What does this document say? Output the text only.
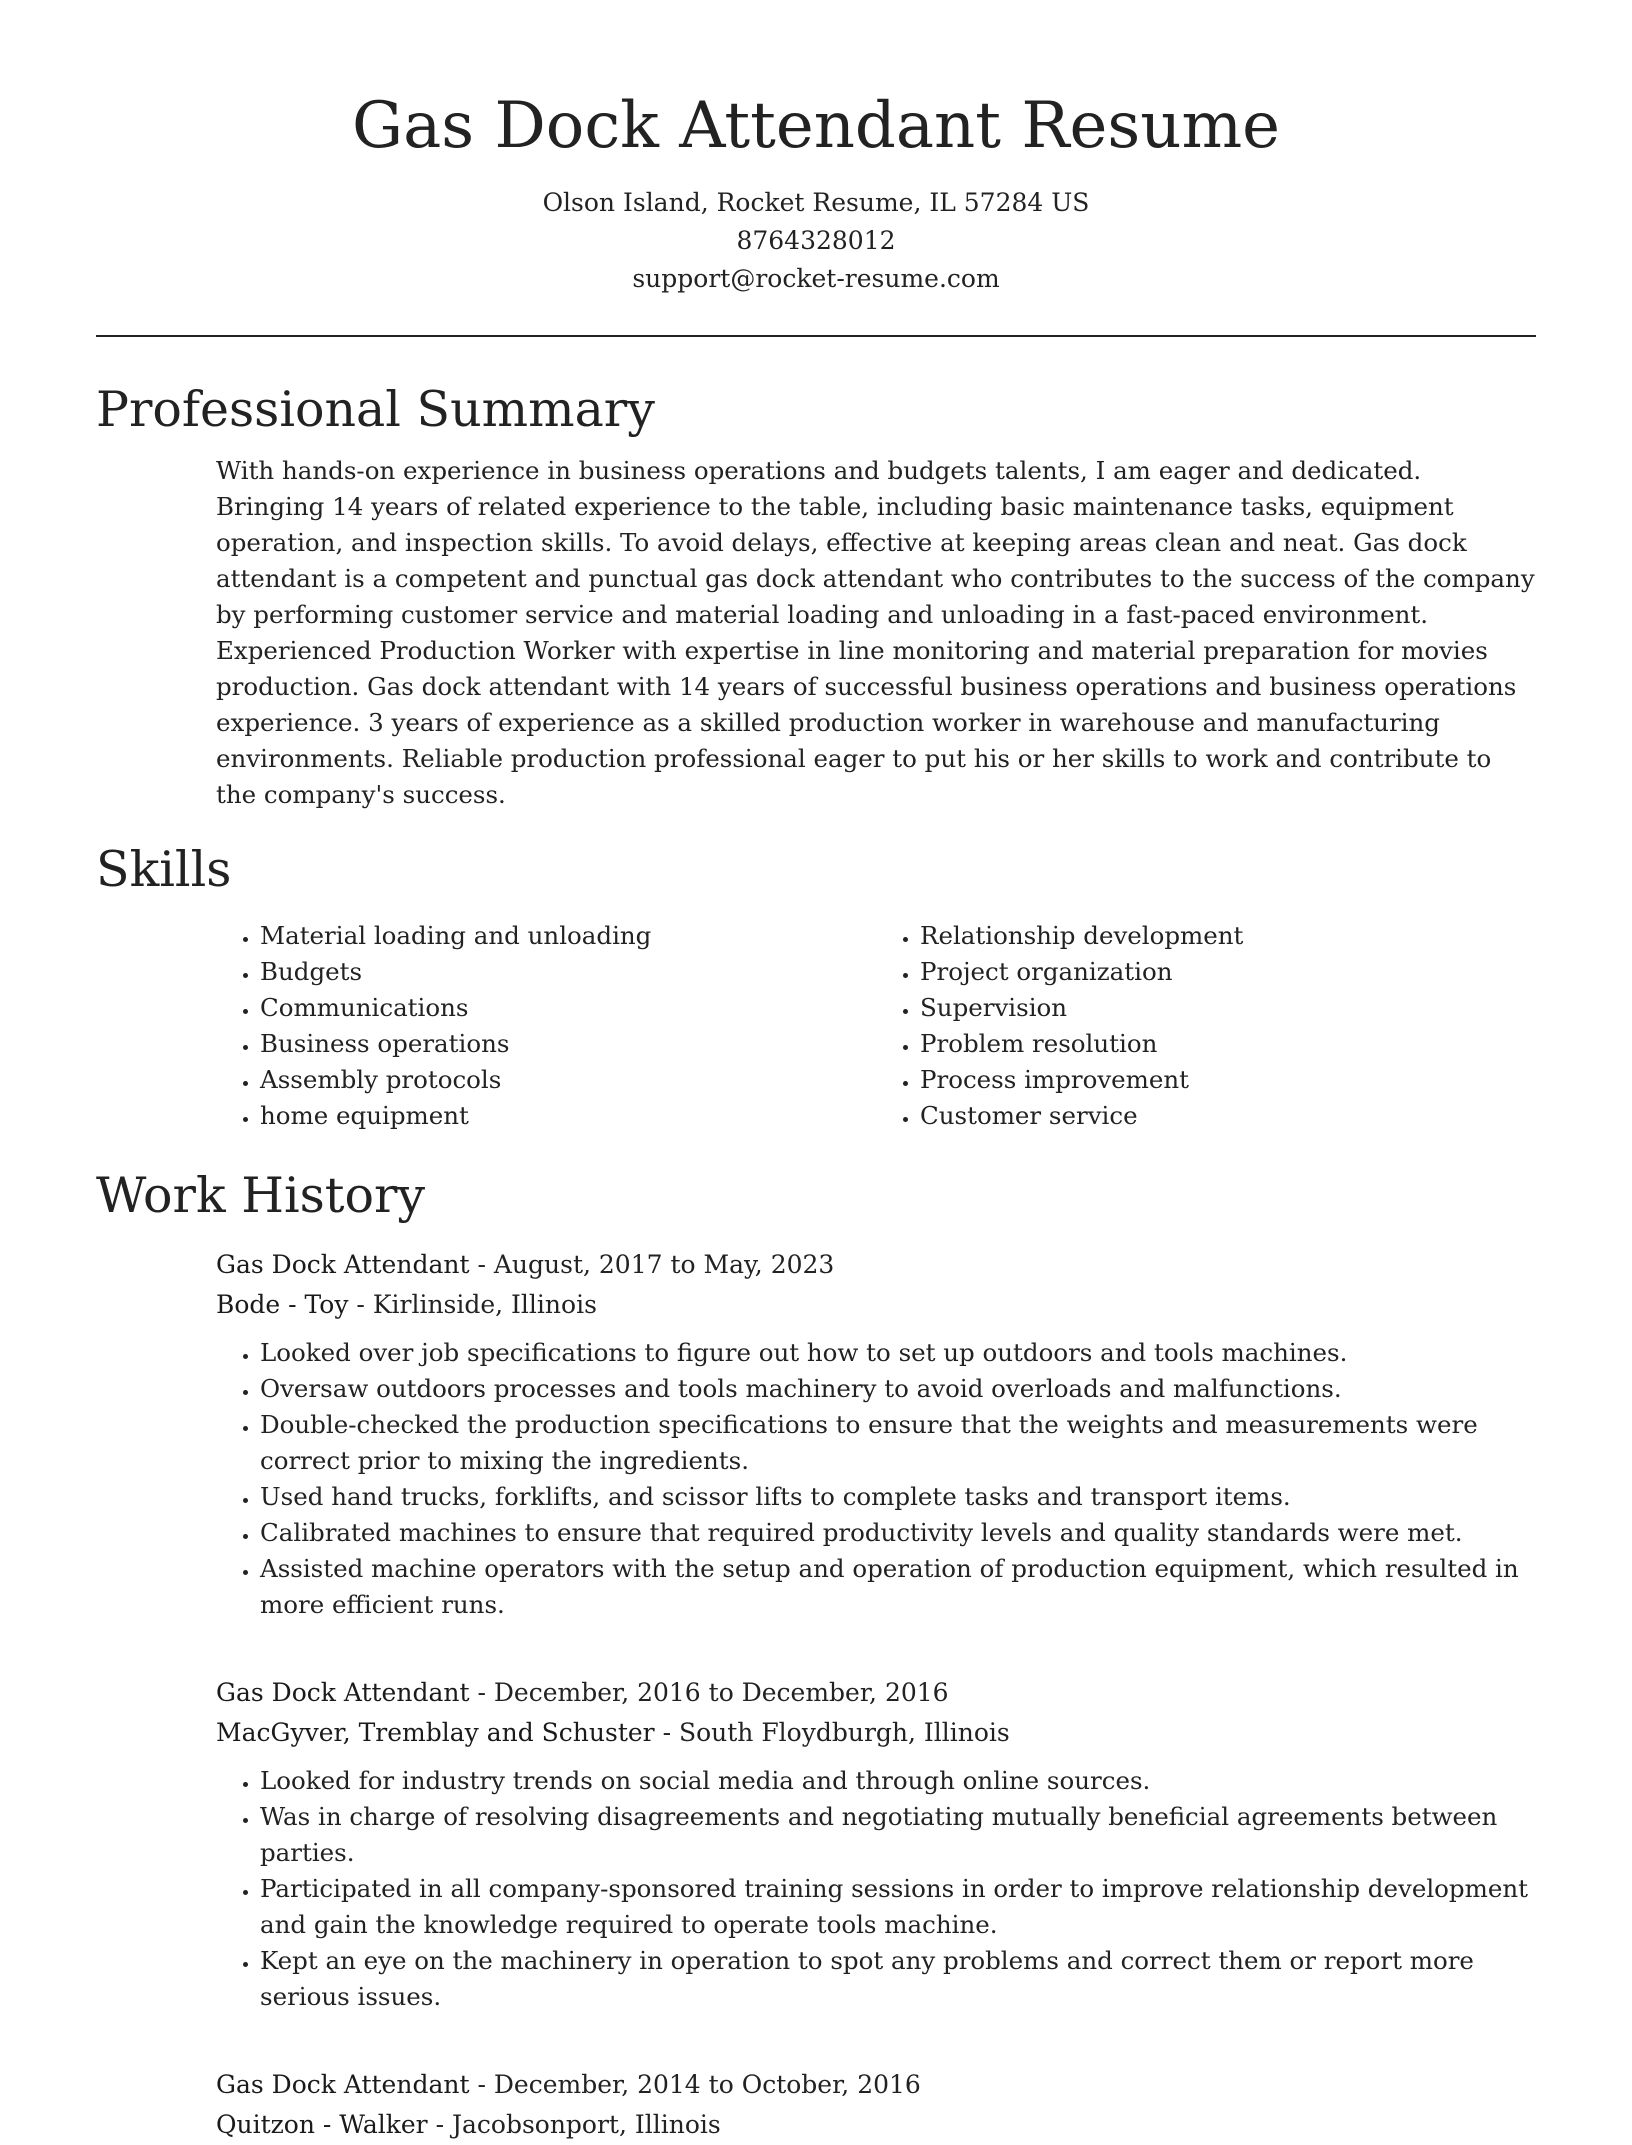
Gas Dock Attendant Resume
Olson Island, Rocket Resume, IL 57284 US
8764328012
support@rocket-resume.com
Professional Summary
With hands-on experience in business operations and budgets talents, I am eager and dedicated. Bringing 14 years of related experience to the table, including basic maintenance tasks, equipment operation, and inspection skills. To avoid delays, effective at keeping areas clean and neat. Gas dock attendant is a competent and punctual gas dock attendant who contributes to the success of the company by performing customer service and material loading and unloading in a fast-paced environment. Experienced Production Worker with expertise in line monitoring and material preparation for movies production. Gas dock attendant with 14 years of successful business operations and business operations experience. 3 years of experience as a skilled production worker in warehouse and manufacturing environments. Reliable production professional eager to put his or her skills to work and contribute to the company's success.
Skills
• Material loading and unloading
• Budgets
• Communications
• Business operations
• Assembly protocols
• home equipment
• Relationship development
• Project organization
• Supervision
• Problem resolution
• Process improvement
• Customer service
Work History
Gas Dock Attendant - August, 2017 to May, 2023
Bode - Toy - Kirlinside, Illinois
• Looked over job specifications to figure out how to set up outdoors and tools machines.
• Oversaw outdoors processes and tools machinery to avoid overloads and malfunctions.
• Double-checked the production specifications to ensure that the weights and measurements were correct prior to mixing the ingredients.
• Used hand trucks, forklifts, and scissor lifts to complete tasks and transport items.
• Calibrated machines to ensure that required productivity levels and quality standards were met.
• Assisted machine operators with the setup and operation of production equipment, which resulted in more efficient runs.
Gas Dock Attendant - December, 2016 to December, 2016
MacGyver, Tremblay and Schuster - South Floydburgh, Illinois
• Looked for industry trends on social media and through online sources.
• Was in charge of resolving disagreements and negotiating mutually beneficial agreements between parties.
• Participated in all company-sponsored training sessions in order to improve relationship development and gain the knowledge required to operate tools machine.
• Kept an eye on the machinery in operation to spot any problems and correct them or report more serious issues.
Gas Dock Attendant - December, 2014 to October, 2016
Quitzon - Walker - Jacobsonport, Illinois
